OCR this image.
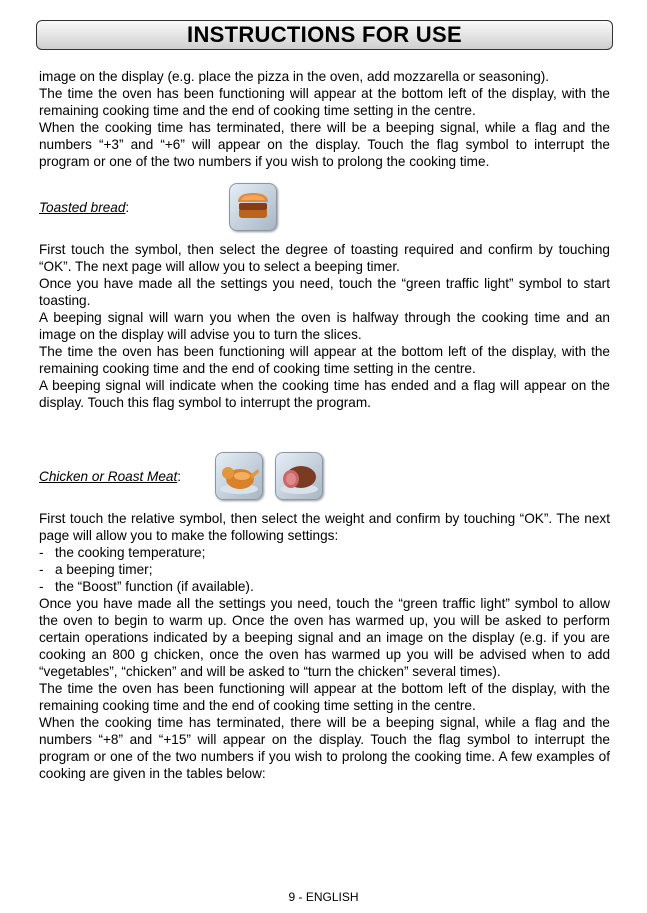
INSTRUCTIONS FOR USE

image on the display (e.g. place the pizza in the oven, add mozzarella or seasoning).

The time the oven has been functioning will appear at the bottom left of the display, with the remaining cooking time and the end of cooking time setting in the centre.

When the cooking time has terminated, there will be a beeping signal, while a flag and the numbers “+3” and “+6” will appear on the display. Touch the flag symbol to interrupt the program or one of the two numbers if you wish to prolong the cooking time.

Toasted bread :

First touch the symbol, then select the degree of toasting required and confirm by touching “OK”. The next page will allow you to select a beeping timer.

Once you have made all the settings you need, touch the “green traffic light” symbol to start toasting.

A beeping signal will warn you when the oven is halfway through the cooking time and an image on the display will advise you to turn the slices.

The time the oven has been functioning will appear at the bottom left of the display, with the remaining cooking time and the end of cooking time setting in the centre.

A beeping signal will indicate when the cooking time has ended and a flag will appear on the display. Touch this flag symbol to interrupt the program.

Chicken or Roast Meat :

First touch the relative symbol, then select the weight and confirm by touching “OK”. The next page will allow you to make the following settings:

- the cooking temperature;
- a beeping timer;
- the “Boost” function (if available).

Once you have made all the settings you need, touch the “green traffic light” symbol to allow the oven to begin to warm up. Once the oven has warmed up, you will be asked to perform certain operations indicated by a beeping signal and an image on the display (e.g. if you are cooking an 800 g chicken, once the oven has warmed up you will be advised when to add “vegetables”, “chicken” and will be asked to “turn the chicken” several times).

The time the oven has been functioning will appear at the bottom left of the display, with the remaining cooking time and the end of cooking time setting in the centre.

When the cooking time has terminated, there will be a beeping signal, while a flag and the numbers “+8” and “+15” will appear on the display. Touch the flag symbol to interrupt the program or one of the two numbers if you wish to prolong the cooking time. A few examples of cooking are given in the tables below:

9 - ENGLISH
